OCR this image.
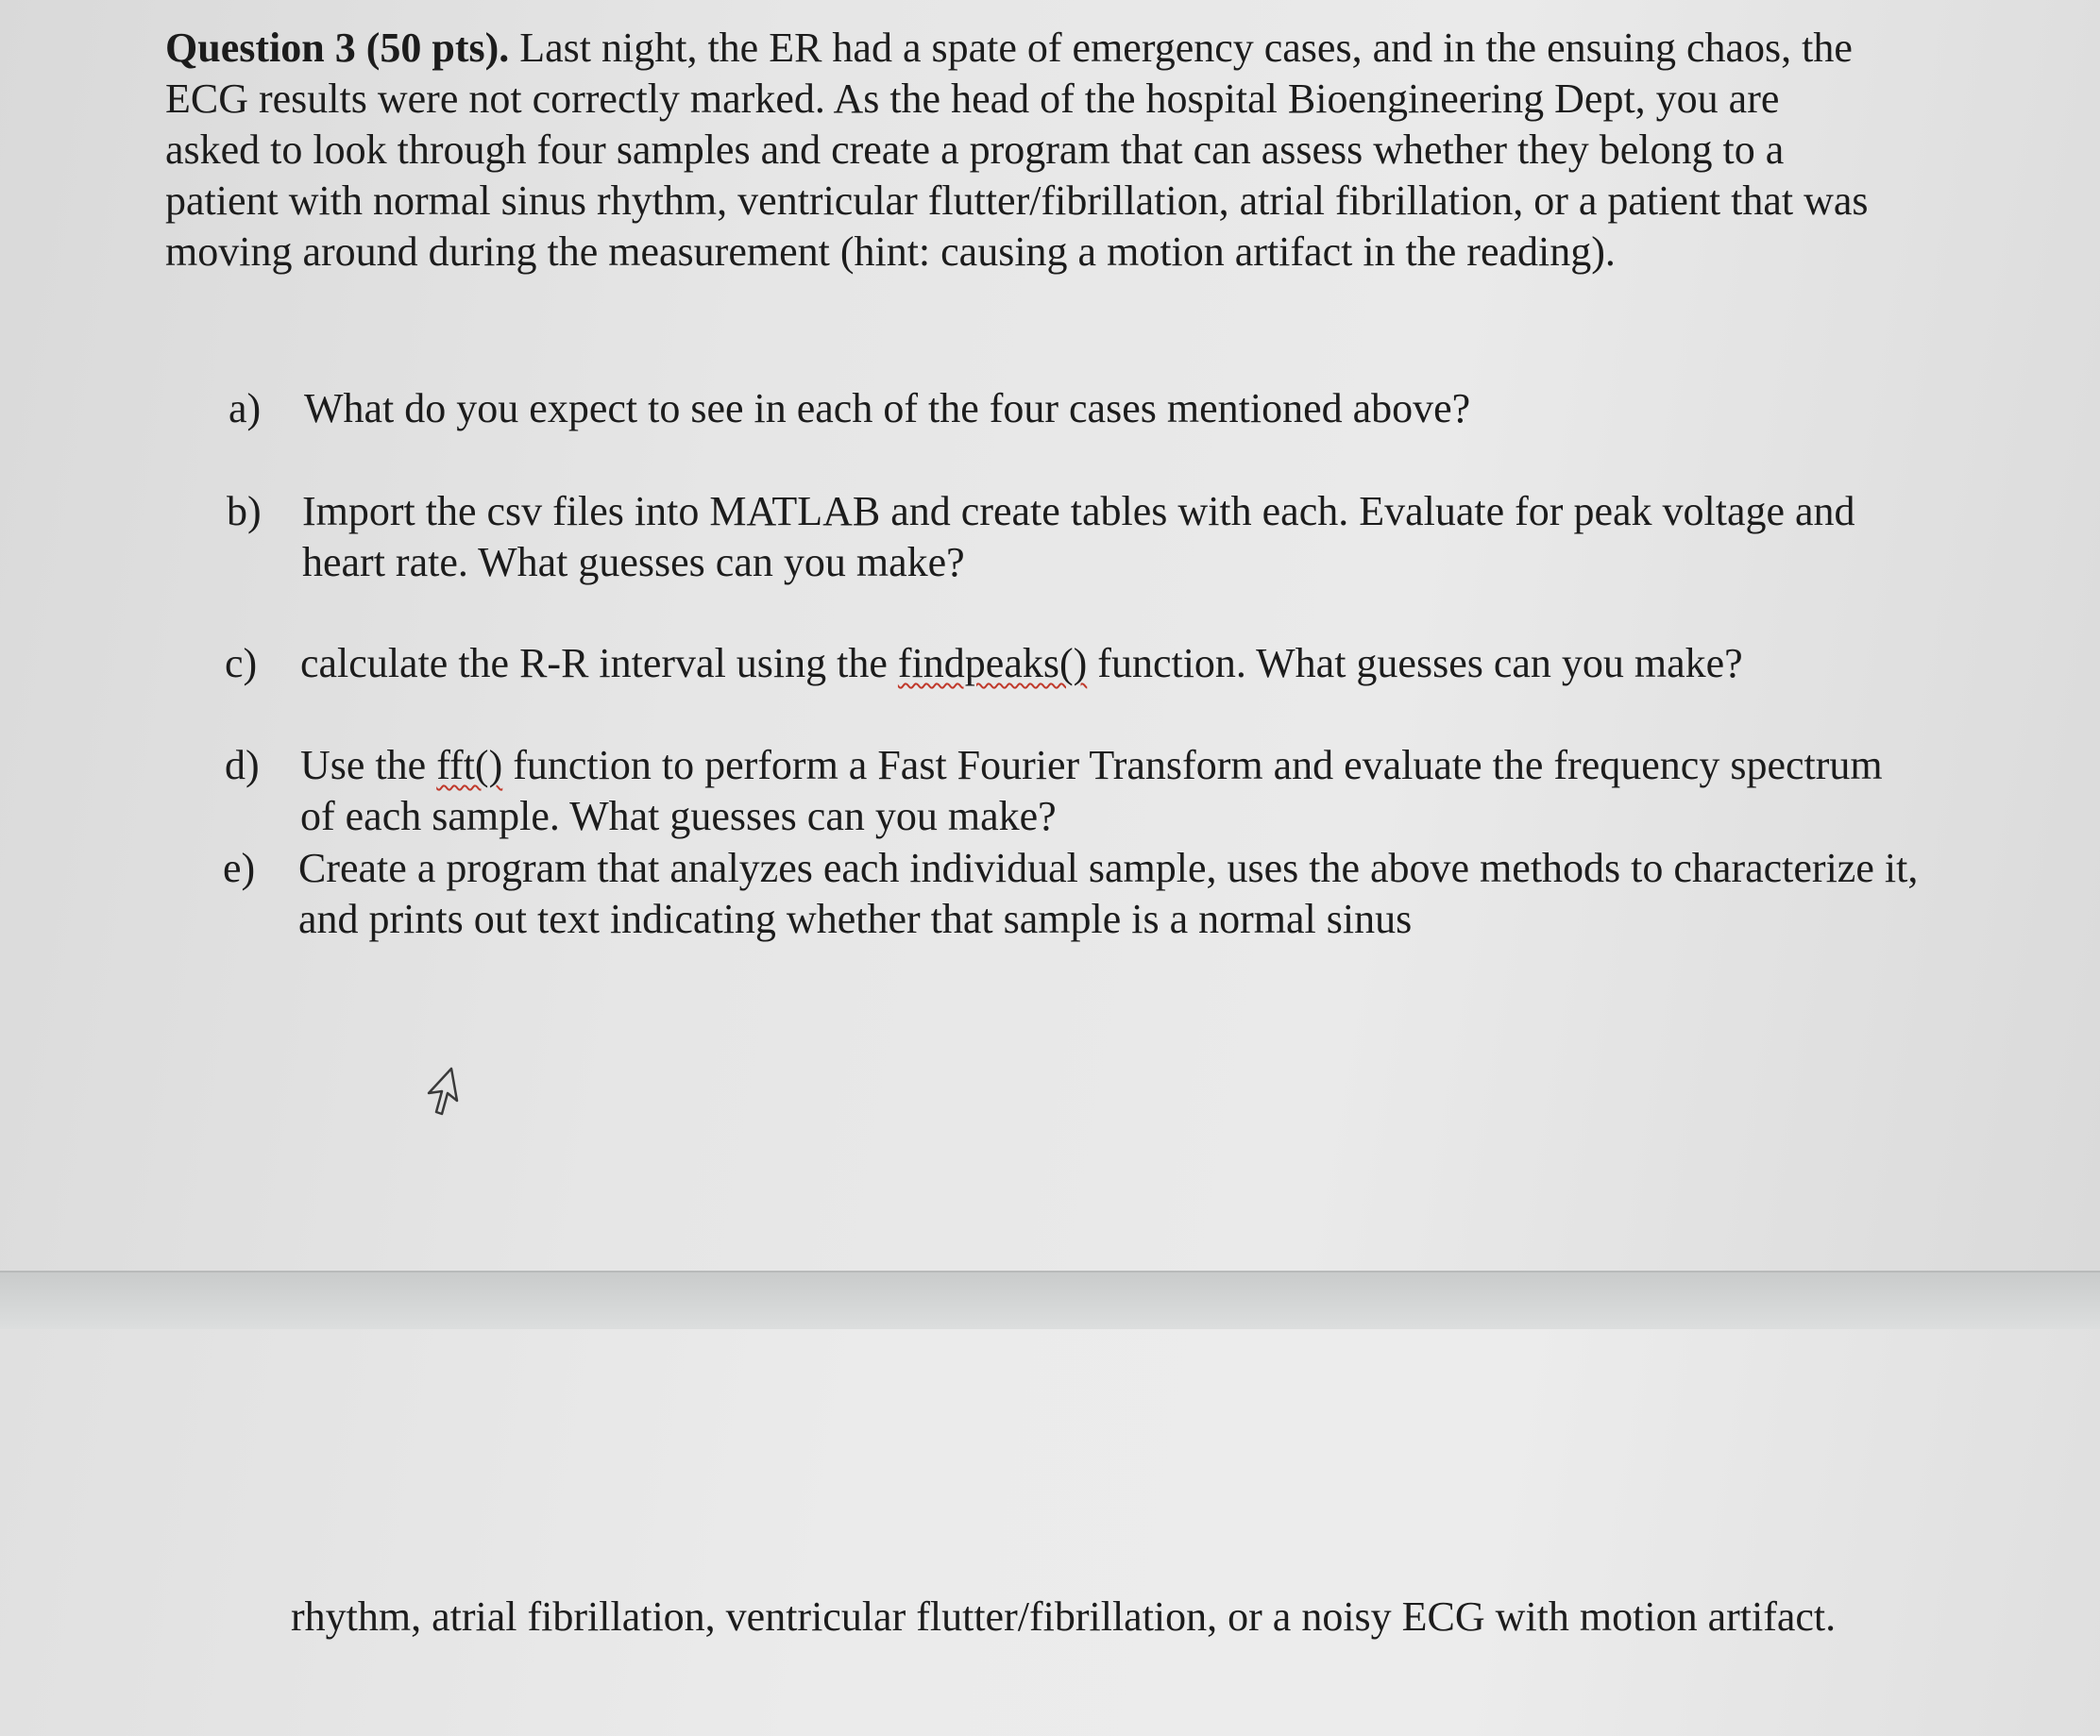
Question 3 (50 pts). Last night, the ER had a spate of emergency cases, and in the ensuing chaos, the ECG results were not correctly marked. As the head of the hospital Bioengineering Dept, you are asked to look through four samples and create a program that can assess whether they belong to a patient with normal sinus rhythm, ventricular flutter/fibrillation, atrial fibrillation, or a patient that was moving around during the measurement (hint: causing a motion artifact in the reading).

a) What do you expect to see in each of the four cases mentioned above?

b) Import the csv files into MATLAB and create tables with each. Evaluate for peak voltage and heart rate. What guesses can you make?

c) calculate the R-R interval using the findpeaks() function. What guesses can you make?

d) Use the fft() function to perform a Fast Fourier Transform and evaluate the frequency spectrum of each sample. What guesses can you make?

e) Create a program that analyzes each individual sample, uses the above methods to characterize it, and prints out text indicating whether that sample is a normal sinus

rhythm, atrial fibrillation, ventricular flutter/fibrillation, or a noisy ECG with motion artifact.
